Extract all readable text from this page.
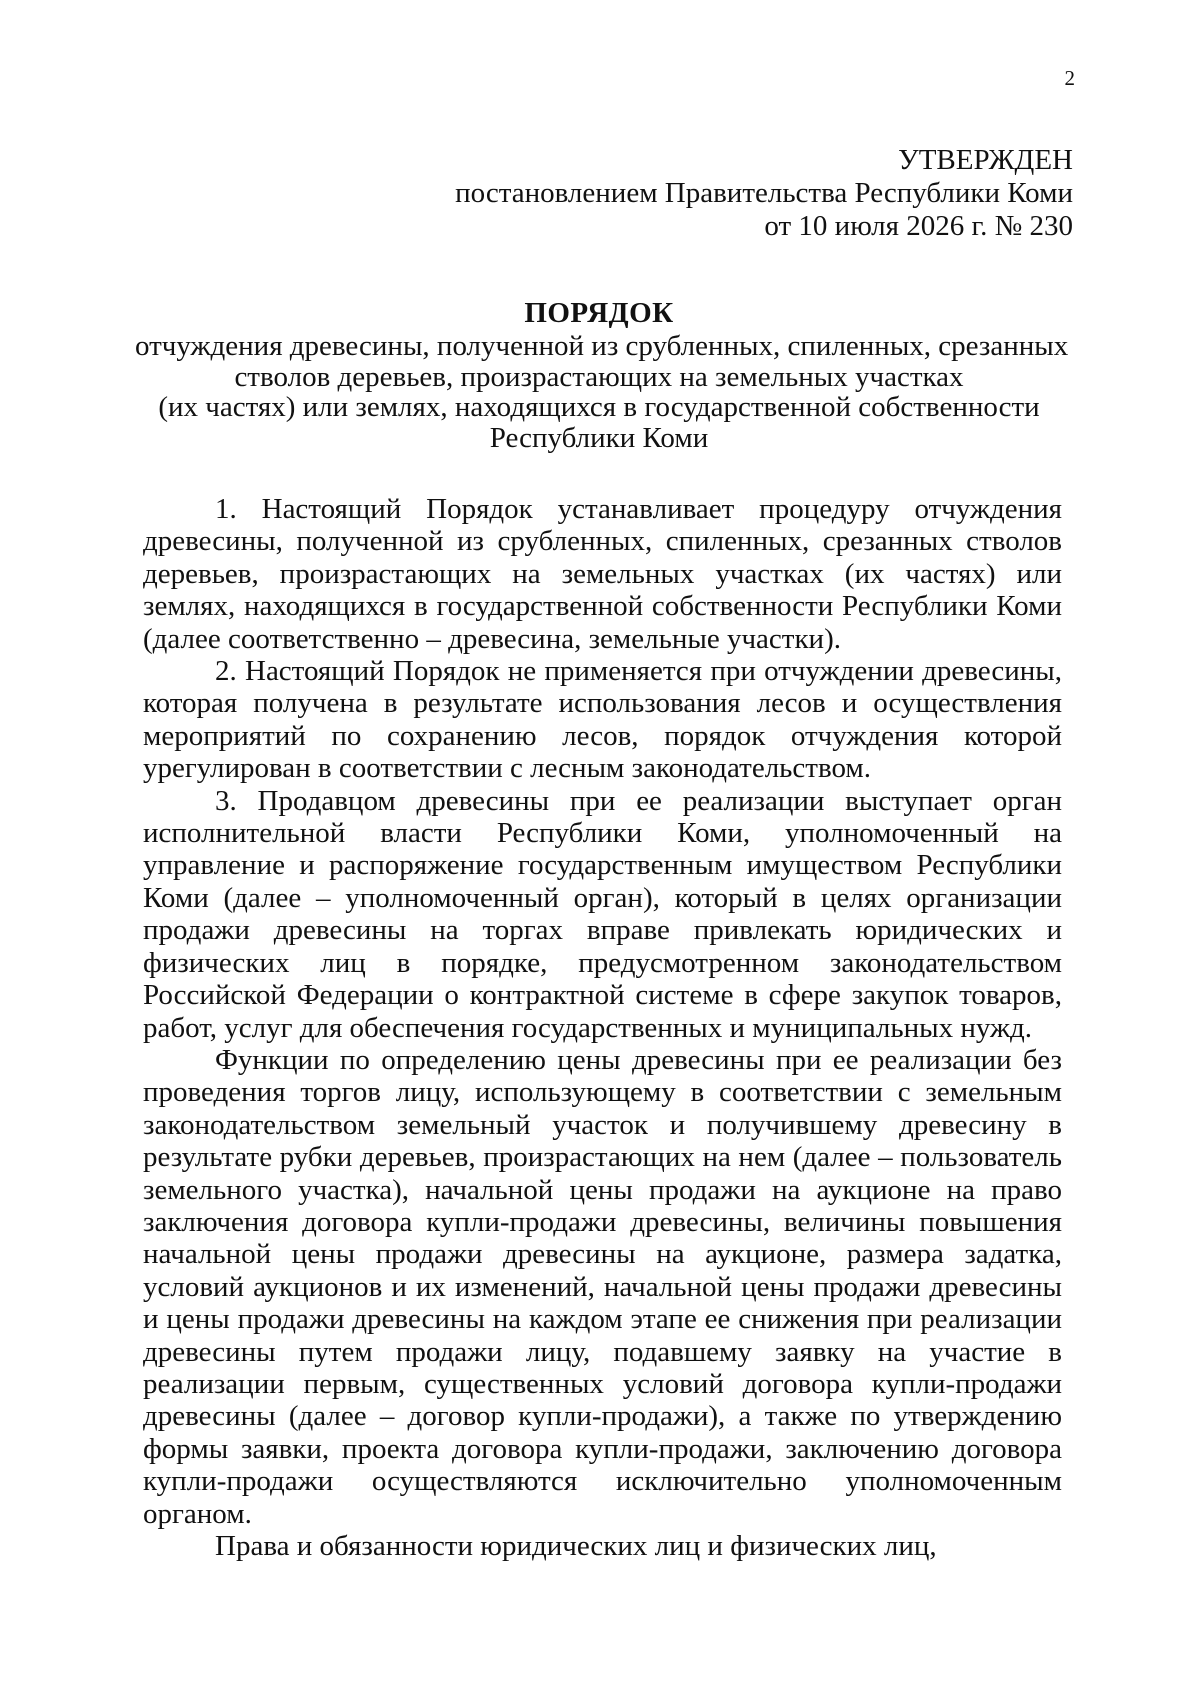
2
УТВЕРЖДЕН
постановлением Правительства Республики Коми
от 10 июля 2026 г. № 230
ПОРЯДОК
отчуждения древесины, полученной из срубленных, спиленных, срезанных
стволов деревьев, произрастающих на земельных участках
(их частях) или землях, находящихся в государственной собственности
Республики Коми

1. Настоящий Порядок устанавливает процедуру отчуждения древесины, полученной из срубленных, спиленных, срезанных стволов деревьев, произрастающих на земельных участках (их частях) или землях, находящихся в государственной собственности Республики Коми (далее соответственно – древесина, земельные участки).

2. Настоящий Порядок не применяется при отчуждении древесины, которая получена в результате использования лесов и осуществления мероприятий по сохранению лесов, порядок отчуждения которой урегулирован в соответствии с лесным законодательством.

3. Продавцом древесины при ее реализации выступает орган исполнительной власти Республики Коми, уполномоченный на управление и распоряжение государственным имуществом Республики Коми (далее – уполномоченный орган), который в целях организации продажи древесины на торгах вправе привлекать юридических и физических лиц в порядке, предусмотренном законодательством Российской Федерации о контрактной системе в сфере закупок товаров, работ, услуг для обеспечения государственных и муниципальных нужд.

Функции по определению цены древесины при ее реализации без проведения торгов лицу, использующему в соответствии с земельным законодательством земельный участок и получившему древесину в результате рубки деревьев, произрастающих на нем (далее – пользователь земельного участка), начальной цены продажи на аукционе на право заключения договора купли-продажи древесины, величины повышения начальной цены продажи древесины на аукционе, размера задатка, условий аукционов и их изменений, начальной цены продажи древесины и цены продажи древесины на каждом этапе ее снижения при реализации древесины путем продажи лицу, подавшему заявку на участие в реализации первым, существенных условий договора купли-продажи древесины (далее – договор купли-продажи), а также по утверждению формы заявки, проекта договора купли-продажи, заключению договора купли-продажи осуществляются исключительно уполномоченным органом.

Права и обязанности юридических лиц и физических лиц,
